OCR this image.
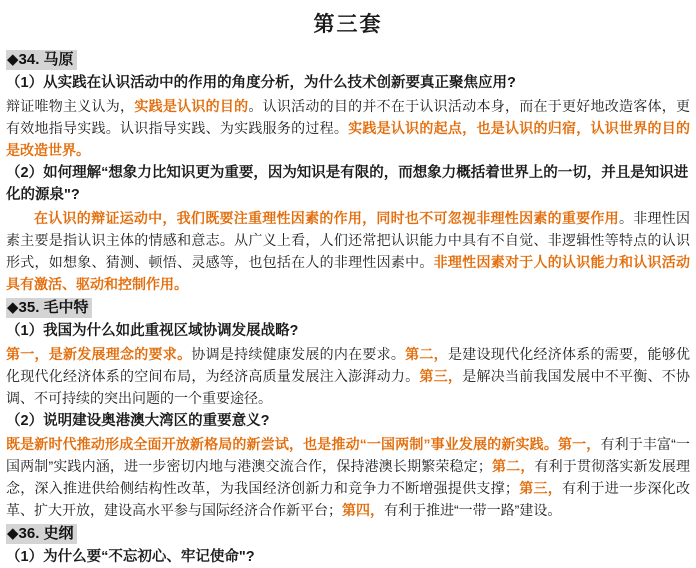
第三套
◆34. 马原
（1）从实践在认识活动中的作用的角度分析，为什么技术创新要真正聚焦应用?

辩证唯物主义认为，实践是认识的目的。认识活动的目的并不在于认识活动本身，而在于更好地改造客体，更有效地指导实践。认识指导实践、为实践服务的过程。实践是认识的起点，也是认识的归宿，认识世界的目的是改造世界。

（2）如何理解“想象力比知识更为重要，因为知识是有限的，而想象力概括着世界上的一切，并且是知识进化的源泉"?

在认识的辩证运动中，我们既要注重理性因素的作用，同时也不可忽视非理性因素的重要作用。非理性因素主要是指认识主体的情感和意志。从广义上看，人们还常把认识能力中具有不自觉、非逻辑性等特点的认识形式，如想象、猜测、顿悟、灵感等，也包括在人的非理性因素中。非理性因素对于人的认识能力和认识活动具有激活、驱动和控制作用。

◆35. 毛中特
（1）我国为什么如此重视区域协调发展战略?

第一，是新发展理念的要求。协调是持续健康发展的内在要求。第二，是建设现代化经济体系的需要，能够优化现代化经济体系的空间布局，为经济高质量发展注入澎湃动力。第三，是解决当前我国发展中不平衡、不协调、不可持续的突出问题的一个重要途径。

（2）说明建设奥港澳大湾区的重要意义?

既是新时代推动形成全面开放新格局的新尝试，也是推动“一国两制”事业发展的新实践。第一，有利于丰富“一国两制”实践内涵，进一步密切内地与港澳交流合作，保持港澳长期繁荣稳定；第二，有利于贯彻落实新发展理念，深入推进供给侧结构性改革，为我国经济创新力和竞争力不断增强提供支撑；第三，有利于进一步深化改革、扩大开放，建设高水平参与国际经济合作新平台；第四，有利于推进“一带一路”建设。

◆36. 史纲
（1）为什么要“不忘初心、牢记使命"?
